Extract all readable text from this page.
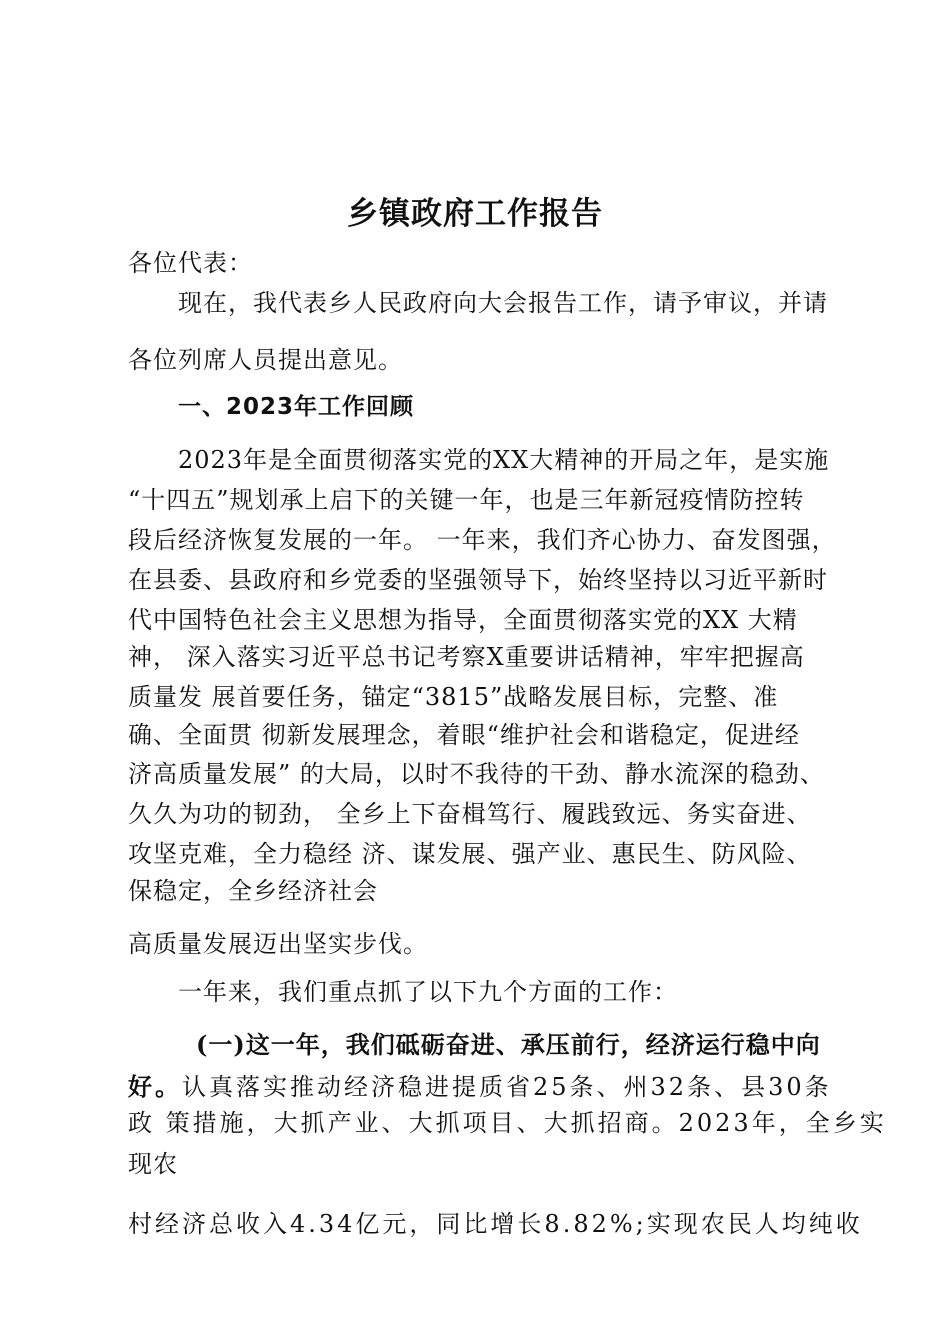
乡镇政府工作报告
各位代表：
现在，我代表乡人民政府向大会报告工作，请予审议，并请
各位列席人员提出意见。
一、2023年工作回顾
2023年是全面贯彻落实党的XX大精神的开局之年，是实施
“十四五”规划承上启下的关键一年，也是三年新冠疫情防控转
段后经济恢复发展的一年。 一年来，我们齐心协力、奋发图强，
在县委、县政府和乡党委的坚强领导下，始终坚持以习近平新时
代中国特色社会主义思想为指导，全面贯彻落实党的XX 大精
神， 深入落实习近平总书记考察X重要讲话精神，牢牢把握高
质量发 展首要任务，锚定“3815”战略发展目标，完整、准
确、全面贯 彻新发展理念，着眼“维护社会和谐稳定，促进经
济高质量发展” 的大局，以时不我待的干劲、静水流深的稳劲、
久久为功的韧劲， 全乡上下奋楫笃行、履践致远、务实奋进、
攻坚克难，全力稳经 济、谋发展、强产业、惠民生、防风险、
保稳定，全乡经济社会
高质量发展迈出坚实步伐。
一年来，我们重点抓了以下九个方面的工作：
(一)这一年，我们砥砺奋进、承压前行，经济运行稳中向
好。认真落实推动经济稳进提质省25条、州32条、县30条
政 策措施，大抓产业、大抓项目、大抓招商。2023年，全乡实
现农
村经济总收入4.34亿元，同比增长8.82%;实现农民人均纯收
